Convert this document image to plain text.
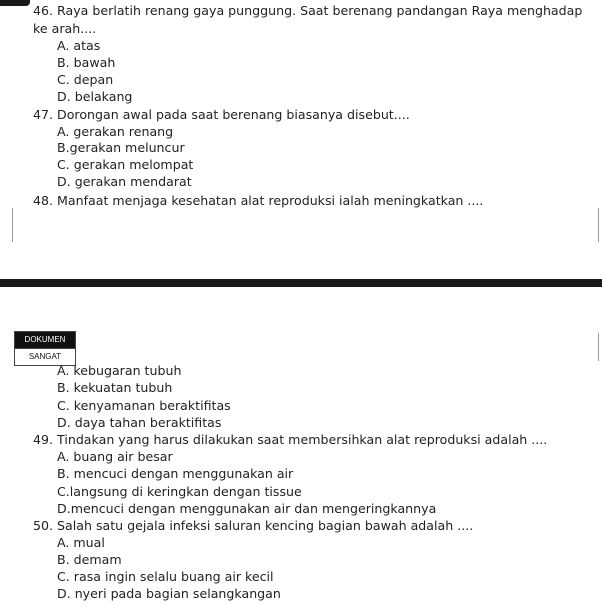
46. Raya berlatih renang gaya punggung. Saat berenang pandangan Raya menghadap
ke arah....
A. atas
B. bawah
C. depan
D. belakang
47. Dorongan awal pada saat berenang biasanya disebut....
A. gerakan renang
B.gerakan meluncur
C. gerakan melompat
D. gerakan mendarat
48. Manfaat menjaga kesehatan alat reproduksi ialah meningkatkan ....
DOKUMEN
SANGAT
A. kebugaran tubuh
B. kekuatan tubuh
C. kenyamanan beraktifitas
D. daya tahan beraktifitas
49. Tindakan yang harus dilakukan saat membersihkan alat reproduksi adalah ....
A. buang air besar
B. mencuci dengan menggunakan air
C.langsung di keringkan dengan tissue
D.mencuci dengan menggunakan air dan mengeringkannya
50. Salah satu gejala infeksi saluran kencing bagian bawah adalah ....
A. mual
B. demam
C. rasa ingin selalu buang air kecil
D. nyeri pada bagian selangkangan
